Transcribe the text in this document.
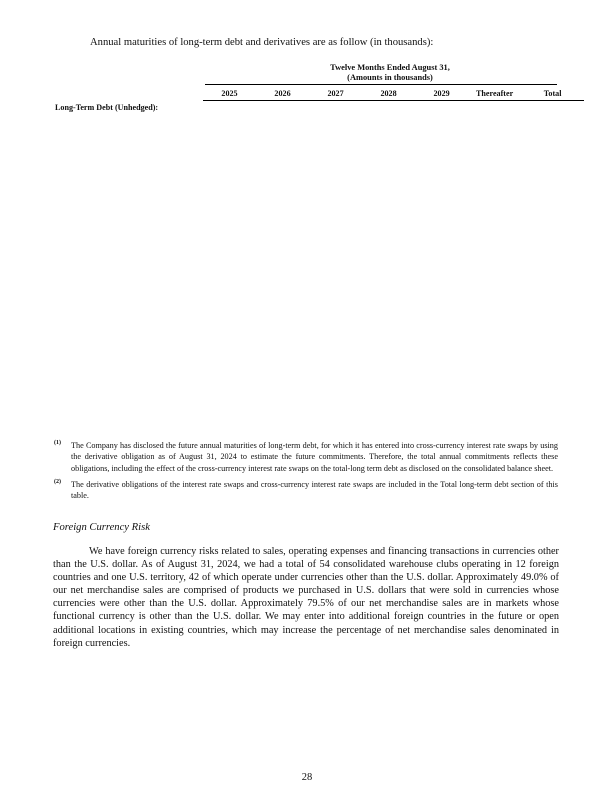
Annual maturities of long-term debt and derivatives are as follow (in thousands):
Twelve Months Ended August 31,
(Amounts in thousands)
	2025	2026	2027	2028	2029	Thereafter	Total
Long-Term Debt (Unhedged):
(1) The Company has disclosed the future annual maturities of long-term debt, for which it has entered into cross-currency interest rate swaps by using the derivative obligation as of August 31, 2024 to estimate the future commitments. Therefore, the total annual commitments reflects these obligations, including the effect of the cross-currency interest rate swaps on the total-long term debt as disclosed on the consolidated balance sheet.
(2) The derivative obligations of the interest rate swaps and cross-currency interest rate swaps are included in the Total long-term debt section of this table.
Foreign Currency Risk
We have foreign currency risks related to sales, operating expenses and financing transactions in currencies other than the U.S. dollar. As of August 31, 2024, we had a total of 54 consolidated warehouse clubs operating in 12 foreign countries and one U.S. territory, 42 of which operate under currencies other than the U.S. dollar. Approximately 49.0% of our net merchandise sales are comprised of products we purchased in U.S. dollars that were sold in currencies whose currencies were other than the U.S. dollar. Approximately 79.5% of our net merchandise sales are in markets whose functional currency is other than the U.S. dollar. We may enter into additional foreign countries in the future or open additional locations in existing countries, which may increase the percentage of net merchandise sales denominated in foreign currencies.
28
